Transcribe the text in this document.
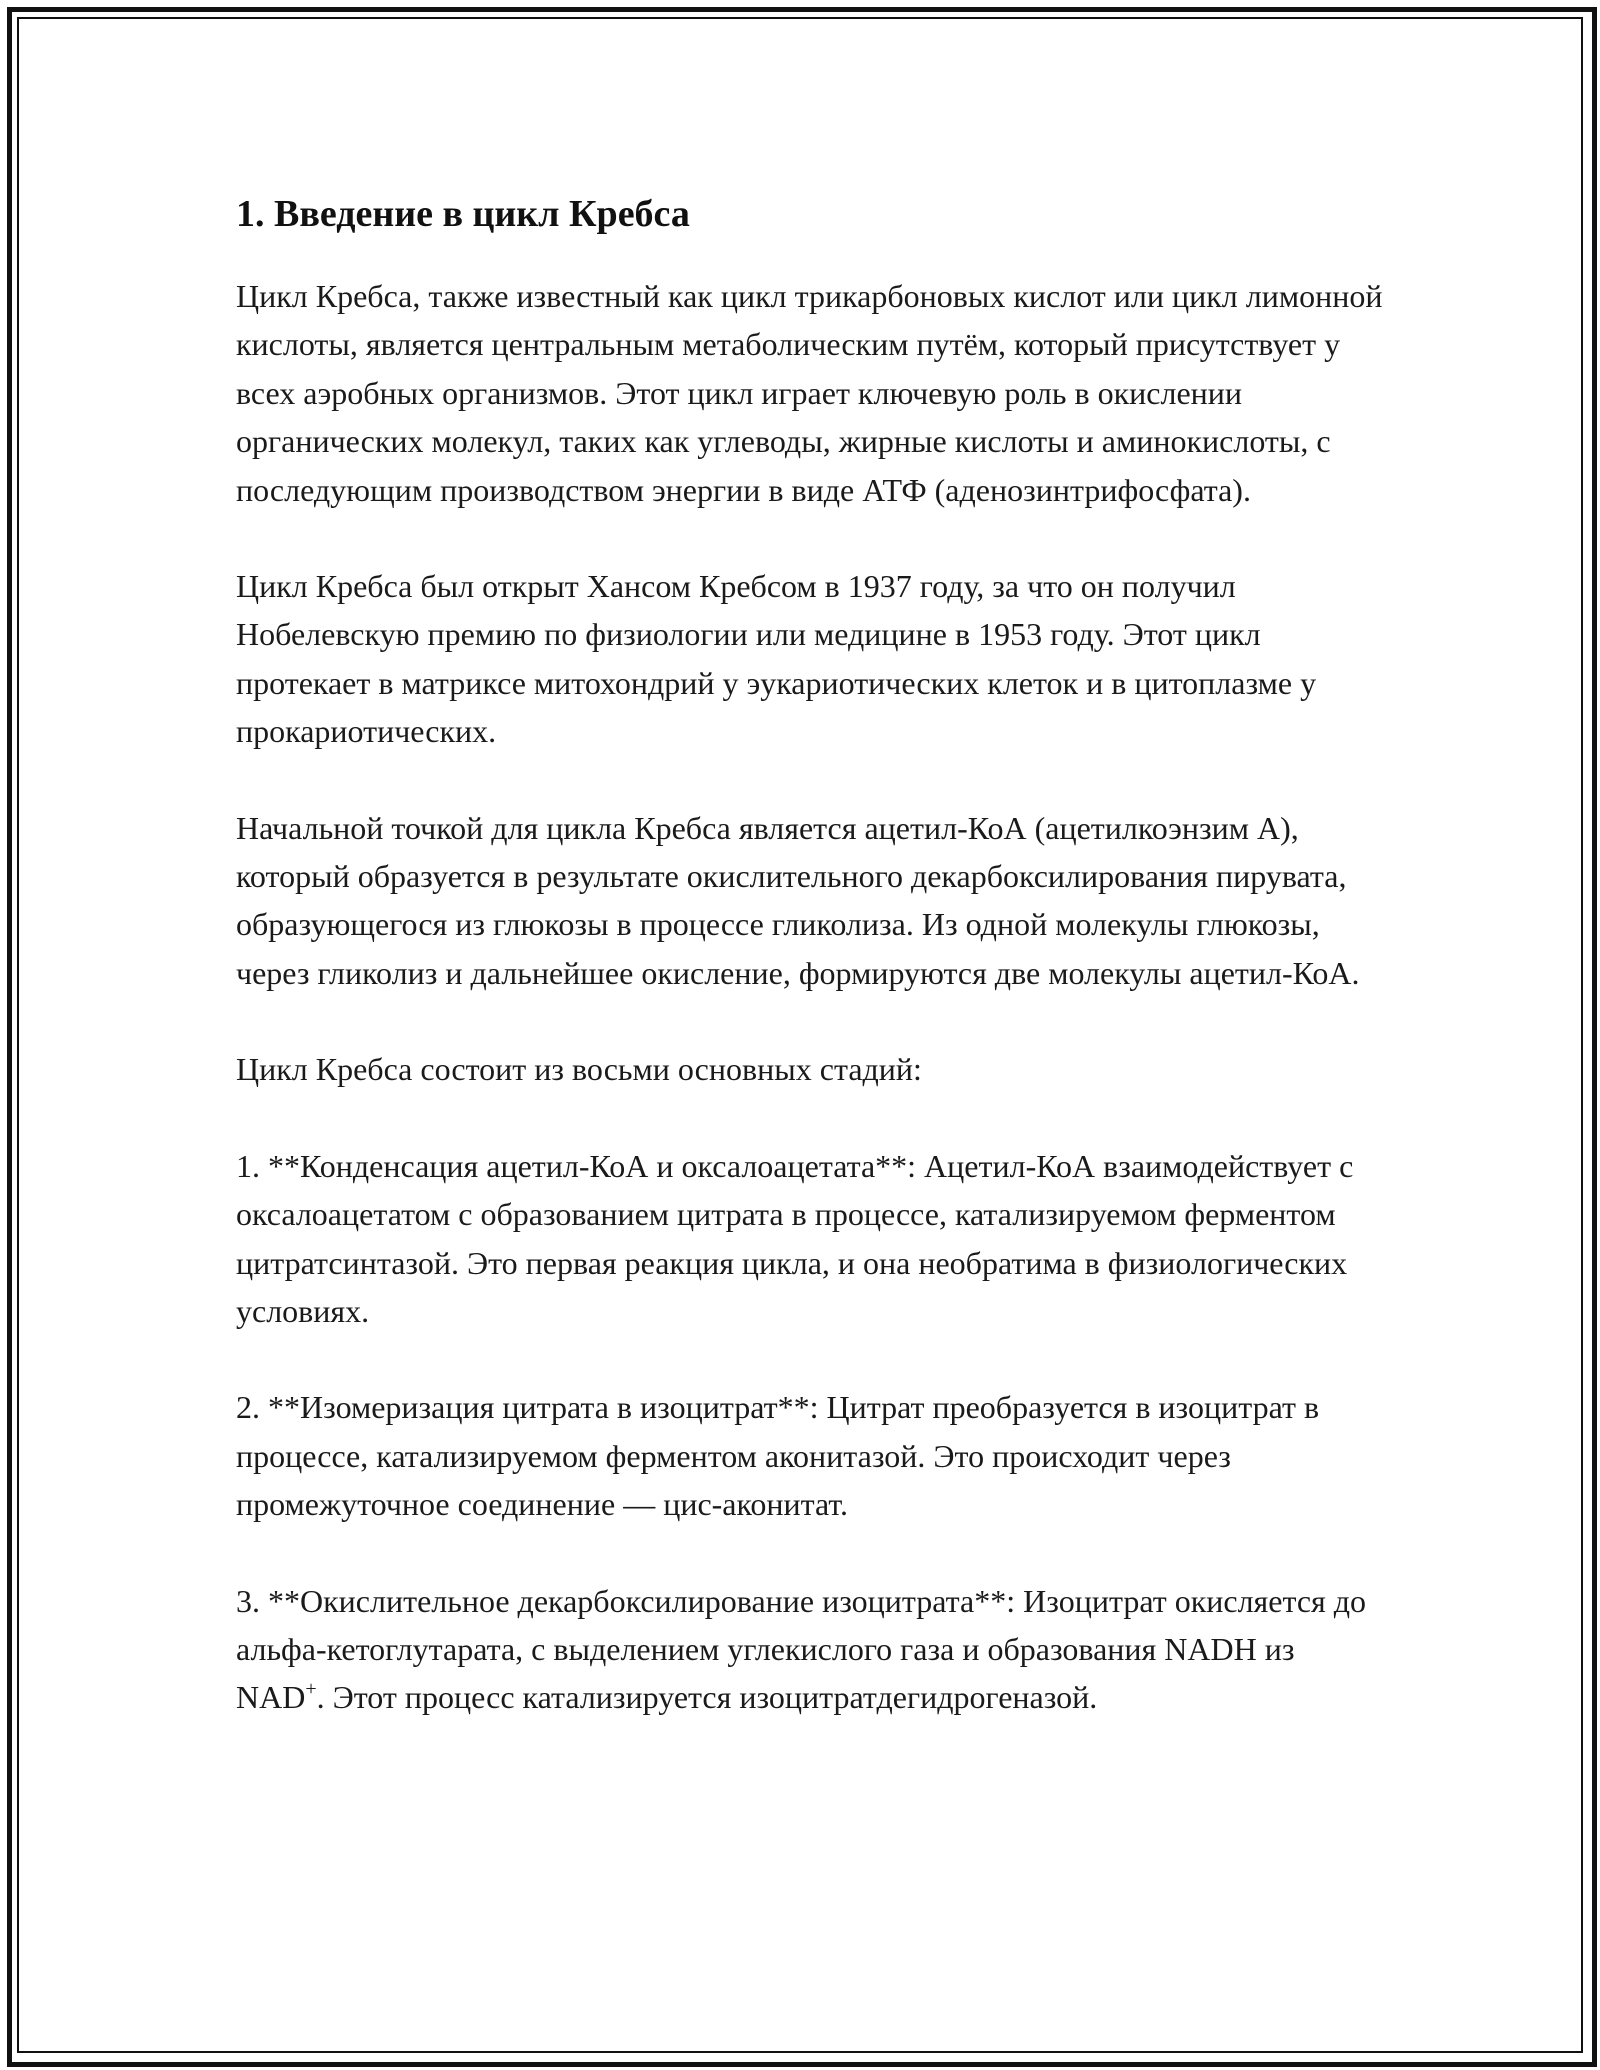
1. Введение в цикл Кребса

Цикл Кребса, также известный как цикл трикарбоновых кислот или цикл лимонной кислоты, является центральным метаболическим путём, который присутствует у всех аэробных организмов. Этот цикл играет ключевую роль в окислении органических молекул, таких как углеводы, жирные кислоты и аминокислоты, с последующим производством энергии в виде АТФ (аденозинтрифосфата).

Цикл Кребса был открыт Хансом Кребсом в 1937 году, за что он получил Нобелевскую премию по физиологии или медицине в 1953 году. Этот цикл протекает в матриксе митохондрий у эукариотических клеток и в цитоплазме у прокариотических.

Начальной точкой для цикла Кребса является ацетил-КоА (ацетилкоэнзим А), который образуется в результате окислительного декарбоксилирования пирувата, образующегося из глюкозы в процессе гликолиза. Из одной молекулы глюкозы, через гликолиз и дальнейшее окисление, формируются две молекулы ацетил-КоА.

Цикл Кребса состоит из восьми основных стадий:

1. **Конденсация ацетил-КоА и оксалоацетата**: Ацетил-КоА взаимодействует с оксалоацетатом с образованием цитрата в процессе, катализируемом ферментом цитратсинтазой. Это первая реакция цикла, и она необратима в физиологических условиях.

2. **Изомеризация цитрата в изоцитрат**: Цитрат преобразуется в изоцитрат в процессе, катализируемом ферментом аконитазой. Это происходит через промежуточное соединение — цис-аконитат.

3. **Окислительное декарбоксилирование изоцитрата**: Изоцитрат окисляется до альфа-кетоглутарата, с выделением углекислого газа и образования NADH из NAD+. Этот процесс катализируется изоцитратдегидрогеназой.
